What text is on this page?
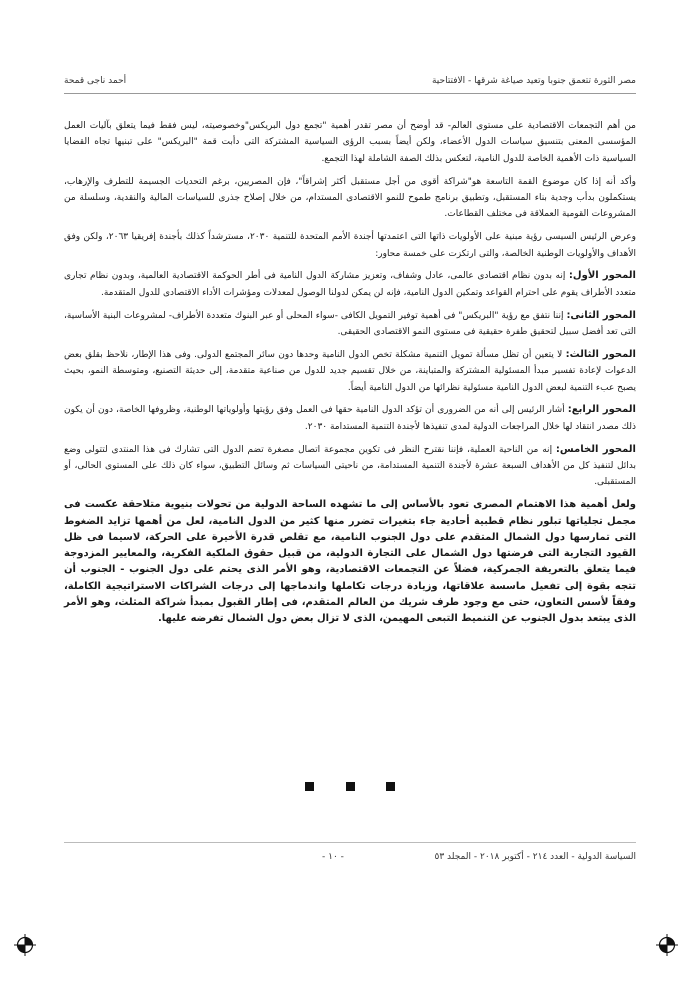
مصر الثورة تتعمق جنوبا وتعيد صياغة شرقها - الافتتاحية
أحمد ناجى قمحة

من أهم التجمعات الاقتصادية على مستوى العالم- قد أوضح أن مصر تقدر أهمية "تجمع دول البريكس"وخصوصيته، ليس فقط فيما يتعلق بآليات العمل المؤسسى المعنى بتنسيق سياسات الدول الأعضاء، ولكن أيضاً بسبب الرؤى السياسية المشتركة التى دأبت قمة "البريكس" على تبنيها تجاه القضايا السياسية ذات الأهمية الخاصة للدول النامية، لتعكس بذلك الصفة الشاملة لهذا التجمع.

وأكد أنه إذا كان موضوع القمة التاسعة هو"شراكة أقوى من أجل مستقبل أكثر إشراقاً"، فإن المصريين، برغم التحديات الجسيمة للتطرف والإرهاب، يستكملون بدأب وجدية بناء المستقبل، وتطبيق برنامج طموح للنمو الاقتصادى المستدام، من خلال إصلاح جذرى للسياسات المالية والنقدية، وسلسلة من المشروعات القومية العملاقة فى مختلف القطاعات.

وعرض الرئيس السيسى رؤية مبنية على الأولويات ذاتها التى اعتمدتها أجندة الأمم المتحدة للتنمية ٢٠٣٠، مسترشداً كذلك بأجندة إفريقيا ٢٠٦٣، ولكن وفق الأهداف والأولويات الوطنية الخالصة، والتى ارتكزت على خمسة محاور:

المحور الأول: إنه بدون نظام اقتصادى عالمى، عادل وشفاف، وتعزيز مشاركة الدول النامية فى أطر الحوكمة الاقتصادية العالمية، وبدون نظام تجارى متعدد الأطراف يقوم على احترام القواعد وتمكين الدول النامية، فإنه لن يمكن لدولنا الوصول لمعدلات ومؤشرات الأداء الاقتصادى للدول المتقدمة.

المحور الثانى: إننا نتفق مع رؤية "البريكس" فى أهمية توفير التمويل الكافى -سواء المحلى أو عبر البنوك متعددة الأطراف- لمشروعات البنية الأساسية، التى تعد أفضل سبيل لتحقيق طفرة حقيقية فى مستوى النمو الاقتصادى الحقيقى.

المحور الثالث: لا يتعين أن تظل مسألة تمويل التنمية مشكلة تخص الدول النامية وحدها دون سائر المجتمع الدولى. وفى هذا الإطار، نلاحظ بقلق بعض الدعوات لإعادة تفسير مبدأ المسئولية المشتركة والمتباينة، من خلال تقسيم جديد للدول من صناعية متقدمة، إلى حديثة التصنيع، ومتوسطة النمو، بحيث يصبح عبء التنمية لبعض الدول النامية مسئولية نظرائها من الدول النامية أيضاً.

المحور الرابع: أشار الرئيس إلى أنه من الضرورى أن تؤكد الدول النامية حقها فى العمل وفق رؤيتها وأولوياتها الوطنية، وظروفها الخاصة، دون أن يكون ذلك مصدر انتقاد لها خلال المراجعات الدولية لمدى تنفيذها لأجندة التنمية المستدامة ٢٠٣٠.

المحور الخامس: إنه من الناحية العملية، فإننا نقترح النظر فى تكوين مجموعة اتصال مصغرة تضم الدول التى تشارك فى هذا المنتدى لتتولى وضع بدائل لتنفيذ كل من الأهداف السبعة عشرة لأجندة التنمية المستدامة، من ناحيتى السياسات ثم وسائل التطبيق، سواء كان ذلك على المستوى الحالى، أو المستقبلى.

ولعل أهمية هذا الاهتمام المصرى تعود بالأساس إلى ما تشهده الساحة الدولية من تحولات بنيوية متلاحقة عكست فى مجمل تجلياتها تبلور نظام قطبية أحادية جاء بتغيرات تضرر منها كثير من الدول النامية، لعل من أهمها تزايد الضغوط التى تمارسها دول الشمال المتقدم على دول الجنوب النامية، مع تقلص قدرة الأخيرة على الحركة، لاسيما فى ظل القيود التجارية التى فرضتها دول الشمال على التجارة الدولية، من قبيل حقوق الملكية الفكرية، والمعايير المزدوجة فيما يتعلق بالتعريفة الجمركية، فضلاً عن التجمعات الاقتصادية، وهو الأمر الذى يحتم على دول الجنوب - الجنوب أن تتجه بقوة إلى تفعيل ماسسة علاقاتها، وزيادة درجات تكاملها واندماجها إلى درجات الشراكات الاستراتيجية الكاملة، وفقاً لأسس التعاون، حتى مع وجود طرف شريك من العالم المتقدم، فى إطار القبول بمبدأ شراكة المثلث، وهو الأمر الذى يبتعد بدول الجنوب عن التنميط التبعى المهيمن، الذى لا تزال بعض دول الشمال تفرضه عليها.

السياسة الدولية - العدد ٢١٤ - أكتوبر ٢٠١٨ - المجلد ٥٣
- ١٠ -
